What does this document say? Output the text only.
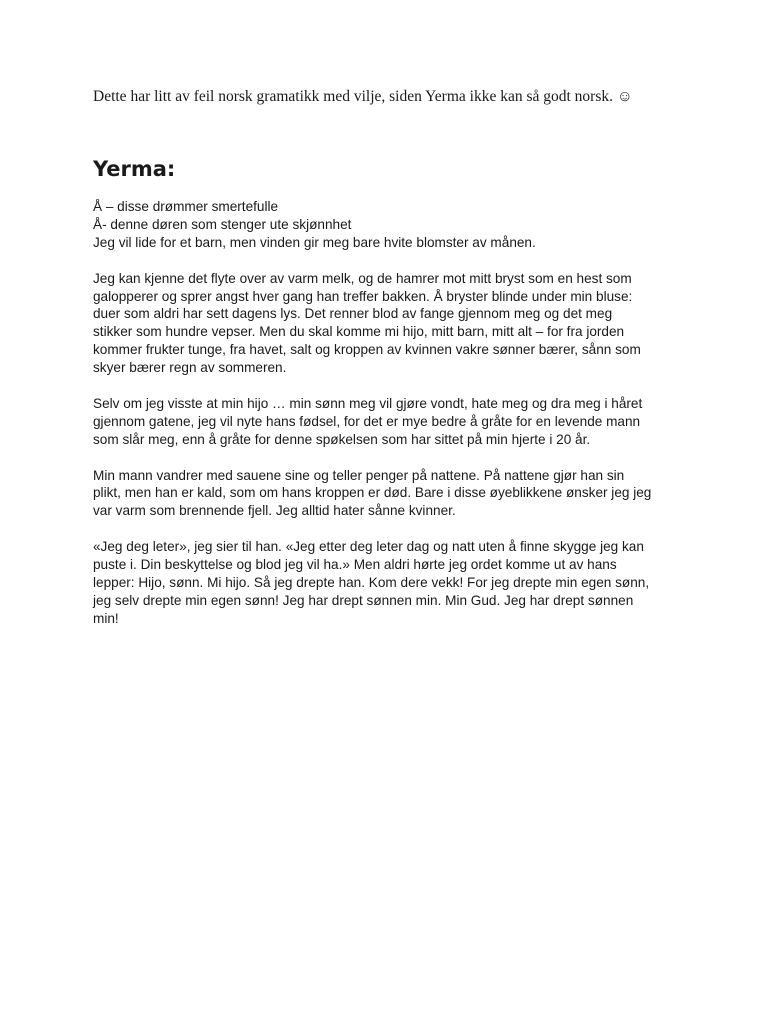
Dette har litt av feil norsk gramatikk med vilje, siden Yerma ikke kan så godt norsk. ☺

Yerma:

Å – disse drømmer smertefulle
Å- denne døren som stenger ute skjønnhet
Jeg vil lide for et barn, men vinden gir meg bare hvite blomster av månen.

Jeg kan kjenne det flyte over av varm melk, og de hamrer mot mitt bryst som en hest som
galopperer og sprer angst hver gang han treffer bakken. Å bryster blinde under min bluse:
duer som aldri har sett dagens lys. Det renner blod av fange gjennom meg og det meg
stikker som hundre vepser. Men du skal komme mi hijo, mitt barn, mitt alt – for fra jorden
kommer frukter tunge, fra havet, salt og kroppen av kvinnen vakre sønner bærer, sånn som
skyer bærer regn av sommeren.

Selv om jeg visste at min hijo … min sønn meg vil gjøre vondt, hate meg og dra meg i håret
gjennom gatene, jeg vil nyte hans fødsel, for det er mye bedre å gråte for en levende mann
som slår meg, enn å gråte for denne spøkelsen som har sittet på min hjerte i 20 år.

Min mann vandrer med sauene sine og teller penger på nattene. På nattene gjør han sin
plikt, men han er kald, som om hans kroppen er død. Bare i disse øyeblikkene ønsker jeg jeg
var varm som brennende fjell. Jeg alltid hater sånne kvinner.

«Jeg deg leter», jeg sier til han. «Jeg etter deg leter dag og natt uten å finne skygge jeg kan
puste i. Din beskyttelse og blod jeg vil ha.» Men aldri hørte jeg ordet komme ut av hans
lepper: Hijo, sønn. Mi hijo. Så jeg drepte han. Kom dere vekk! For jeg drepte min egen sønn,
jeg selv drepte min egen sønn! Jeg har drept sønnen min. Min Gud. Jeg har drept sønnen
min!
